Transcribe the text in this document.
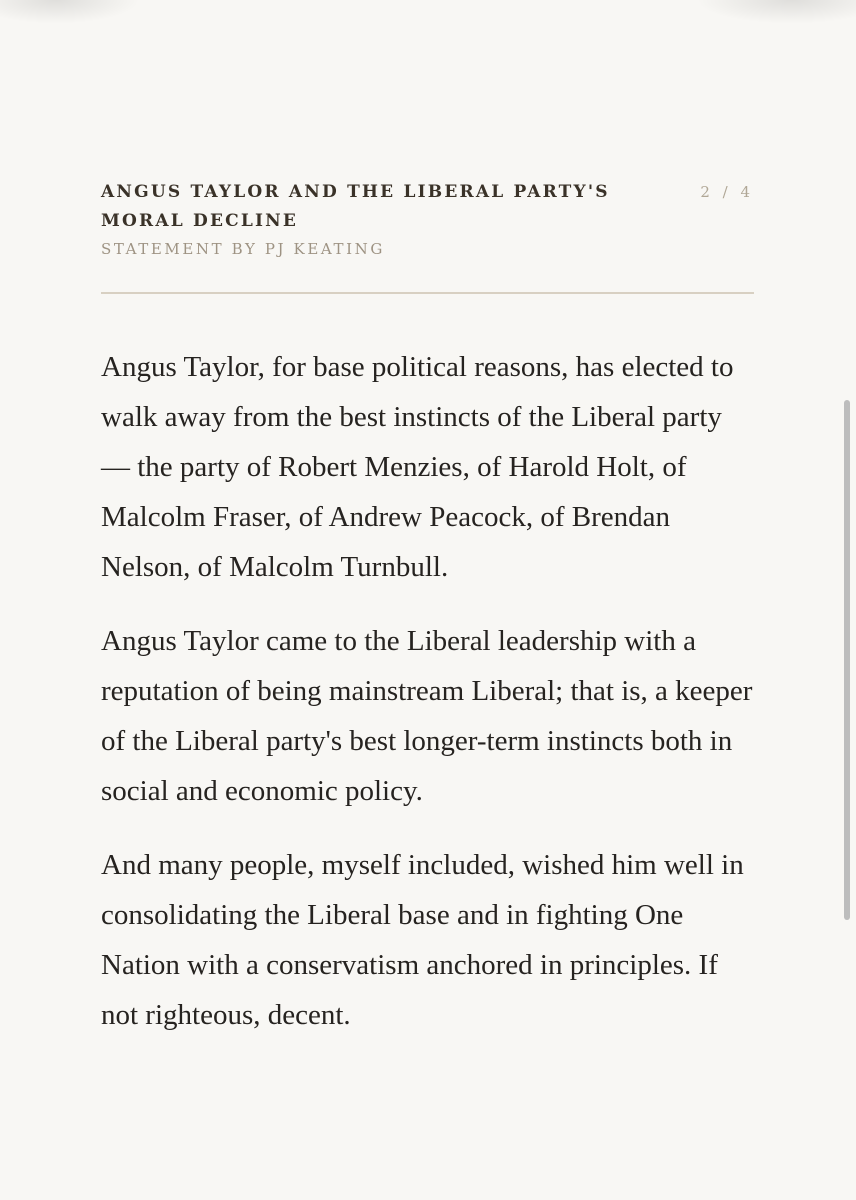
ANGUS TAYLOR AND THE LIBERAL PARTY'S MORAL DECLINE
STATEMENT BY PJ KEATING
2 / 4

Angus Taylor, for base political reasons, has elected to walk away from the best instincts of the Liberal party — the party of Robert Menzies, of Harold Holt, of Malcolm Fraser, of Andrew Peacock, of Brendan Nelson, of Malcolm Turnbull.

Angus Taylor came to the Liberal leadership with a reputation of being mainstream Liberal; that is, a keeper of the Liberal party's best longer-term instincts both in social and economic policy.

And many people, myself included, wished him well in consolidating the Liberal base and in fighting One Nation with a conservatism anchored in principles. If not righteous, decent.
